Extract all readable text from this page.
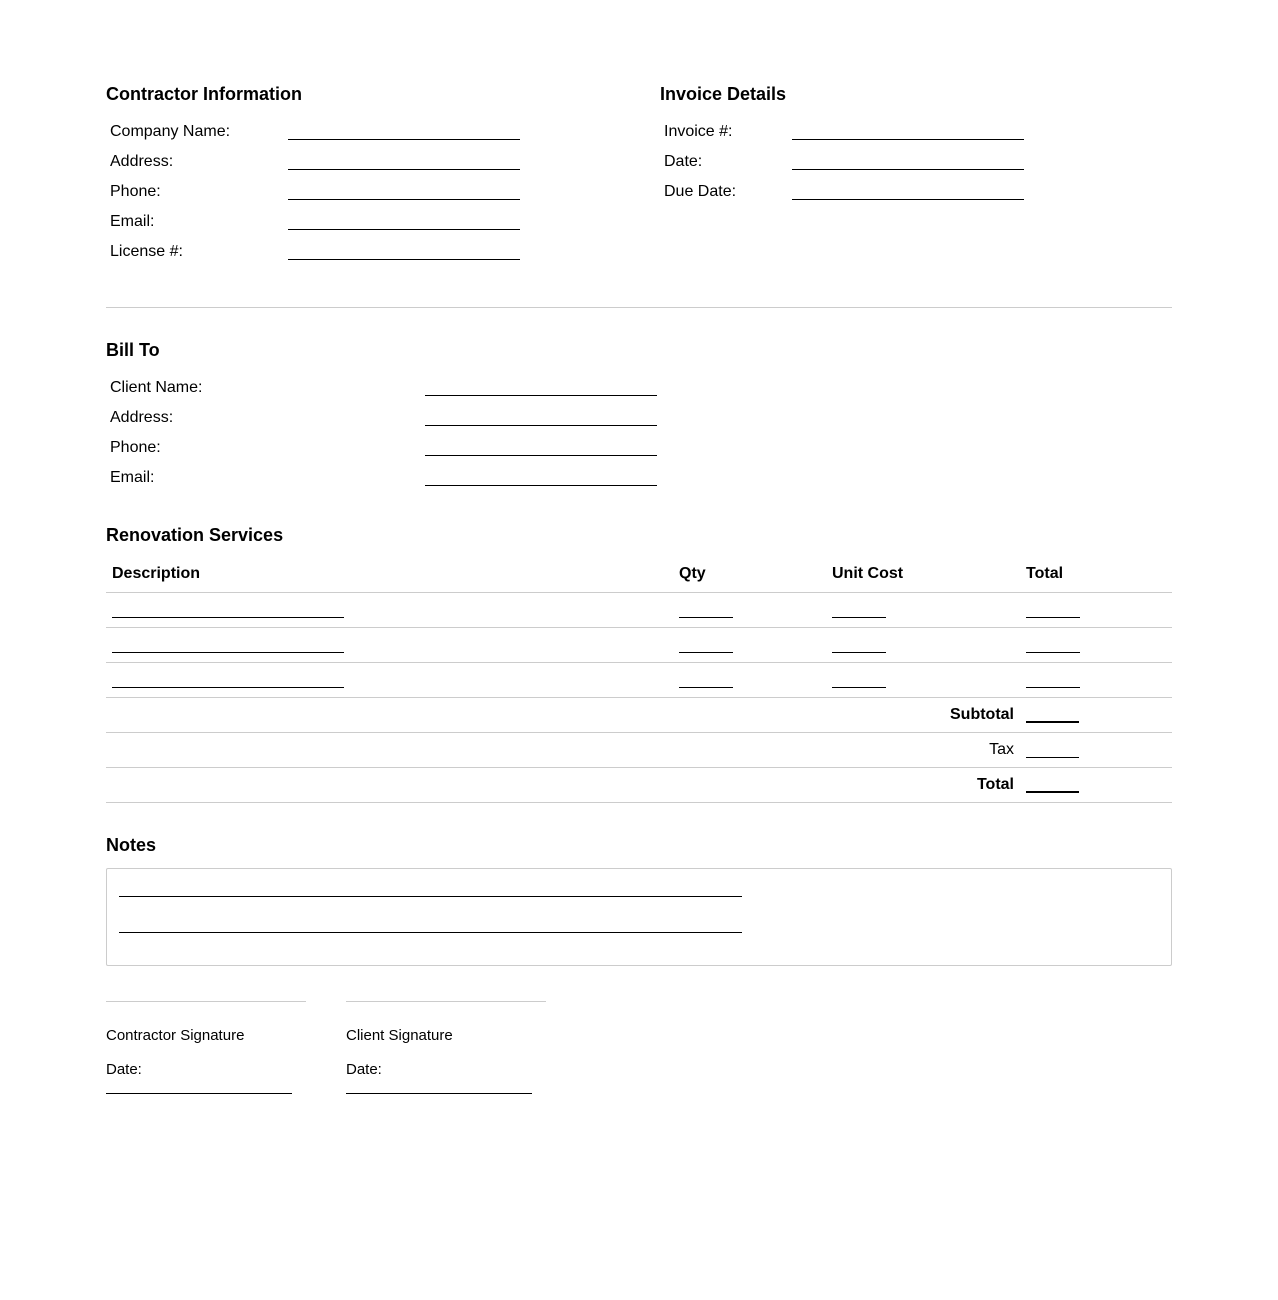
Contractor Information
Company Name:
Address:
Phone:
Email:
License #:
Invoice Details
Invoice #:
Date:
Due Date:
Bill To
Client Name:
Address:
Phone:
Email:
Renovation Services
Description	Qty	Unit Cost	Total
Subtotal
Tax
Total
Notes
Contractor Signature
Date:
Client Signature
Date:
